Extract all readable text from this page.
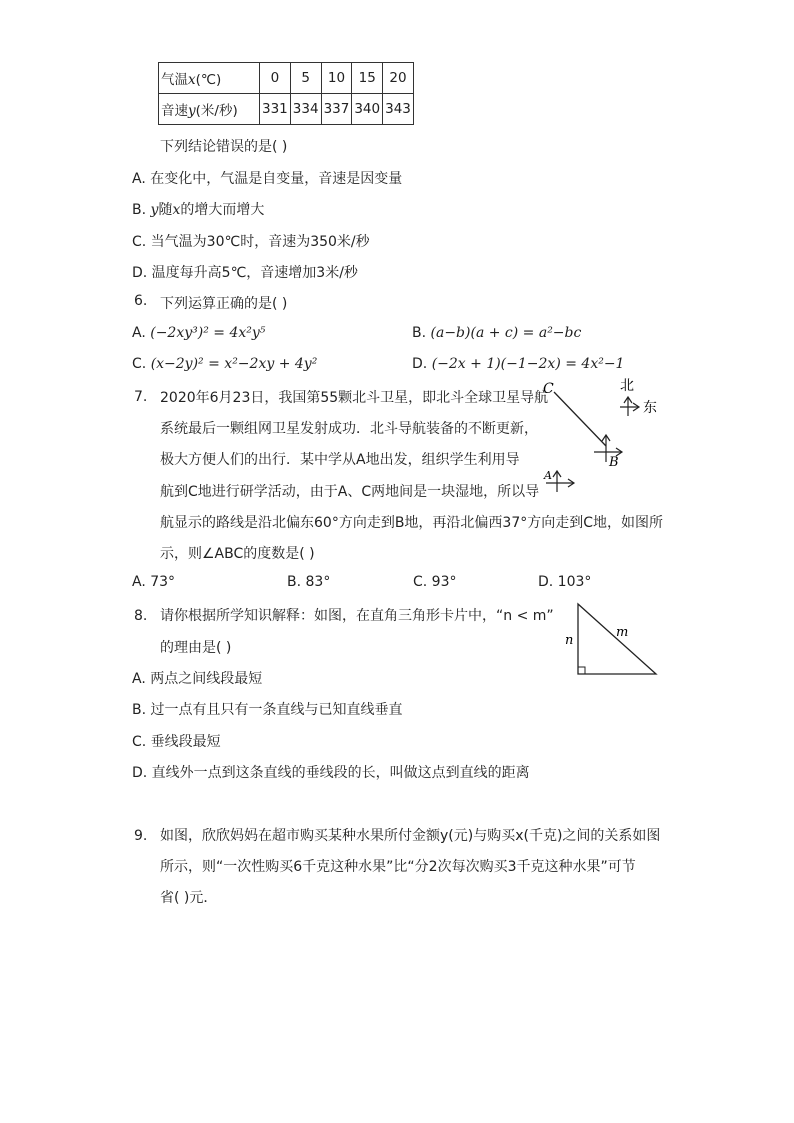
气温x(℃)	0	5	10	15	20
音速y(米/秒)	331	334	337	340	343
下列结论错误的是( )
A. 在变化中，气温是自变量，音速是因变量
B. y随x的增大而增大
C. 当气温为30℃时，音速为350米/秒
D. 温度每升高5℃，音速增加3米/秒
6. 下列运算正确的是( )
A. (−2xy³)² = 4x²y⁵	B. (a−b)(a + c) = a²−bc
C. (x−2y)² = x²−2xy + 4y²	D. (−2x + 1)(−1−2x) = 4x²−1
7. 2020年6月23日，我国第55颗北斗卫星，即北斗全球卫星导航
系统最后一颗组网卫星发射成功．北斗导航装备的不断更新，
极大方便人们的出行．某中学从A地出发，组织学生利用导
航到C地进行研学活动，由于A、C两地间是一块湿地，所以导
航显示的路线是沿北偏东60°方向走到B地，再沿北偏西37°方向走到C地，如图所
示，则∠ABC的度数是( )
A. 73°	B. 83°	C. 93°	D. 103°
北
东
C
B
A
8. 请你根据所学知识解释：如图，在直角三角形卡片中，“n < m”
的理由是( )
A. 两点之间线段最短
B. 过一点有且只有一条直线与已知直线垂直
C. 垂线段最短
D. 直线外一点到这条直线的垂线段的长，叫做这点到直线的距离
n
m
9. 如图，欣欣妈妈在超市购买某种水果所付金额y(元)与购买x(千克)之间的关系如图
所示，则“一次性购买6千克这种水果”比“分2次每次购买3千克这种水果”可节
省( )元．
